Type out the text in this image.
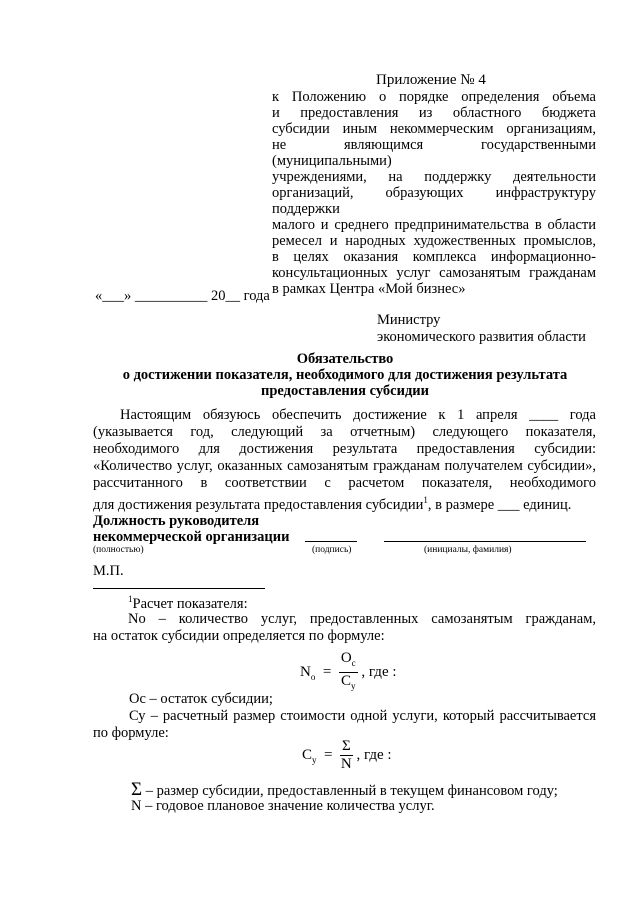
Приложение № 4
к Положению о порядке определения объема
и предоставления из областного бюджета
субсидии иным некоммерческим организациям,
не являющимся государственными (муниципальными)
учреждениями, на поддержку деятельности
организаций, образующих инфраструктуру поддержки
малого и среднего предпринимательства в области
ремесел и народных художественных промыслов,
в целях оказания комплекса информационно-
консультационных услуг самозанятым гражданам
в рамках Центра «Мой бизнес»
«___» __________ 20__ года
Министру
экономического развития области
Обязательство
о достижении показателя, необходимого для достижения результата
предоставления субсидии
Настоящим обязуюсь обеспечить достижение к 1 апреля ____ года
(указывается год, следующий за отчетным) следующего показателя,
необходимого для достижения результата предоставления субсидии:
«Количество услуг, оказанных самозанятым гражданам получателем субсидии»,
рассчитанного в соответствии с расчетом показателя, необходимого
для достижения результата предоставления субсидии$^1$, в размере ___ единиц.
Должность руководителя
некоммерческой организации
(полностью)	(подпись)	(инициалы, фамилия)
М.П.
$^1$Расчет показателя:
Nо – количество услуг, предоставленных самозанятым гражданам,
на остаток субсидии определяется по формуле:
$N_о = \frac{О_с}{С_у}$ , где :
Ос – остаток субсидии;
Су – расчетный размер стоимости одной услуги, который рассчитывается
по формуле:
$С_у = \frac{\Sigma}{N}$ , где :
Σ – размер субсидии, предоставленный в текущем финансовом году;
N – годовое плановое значение количества услуг.
